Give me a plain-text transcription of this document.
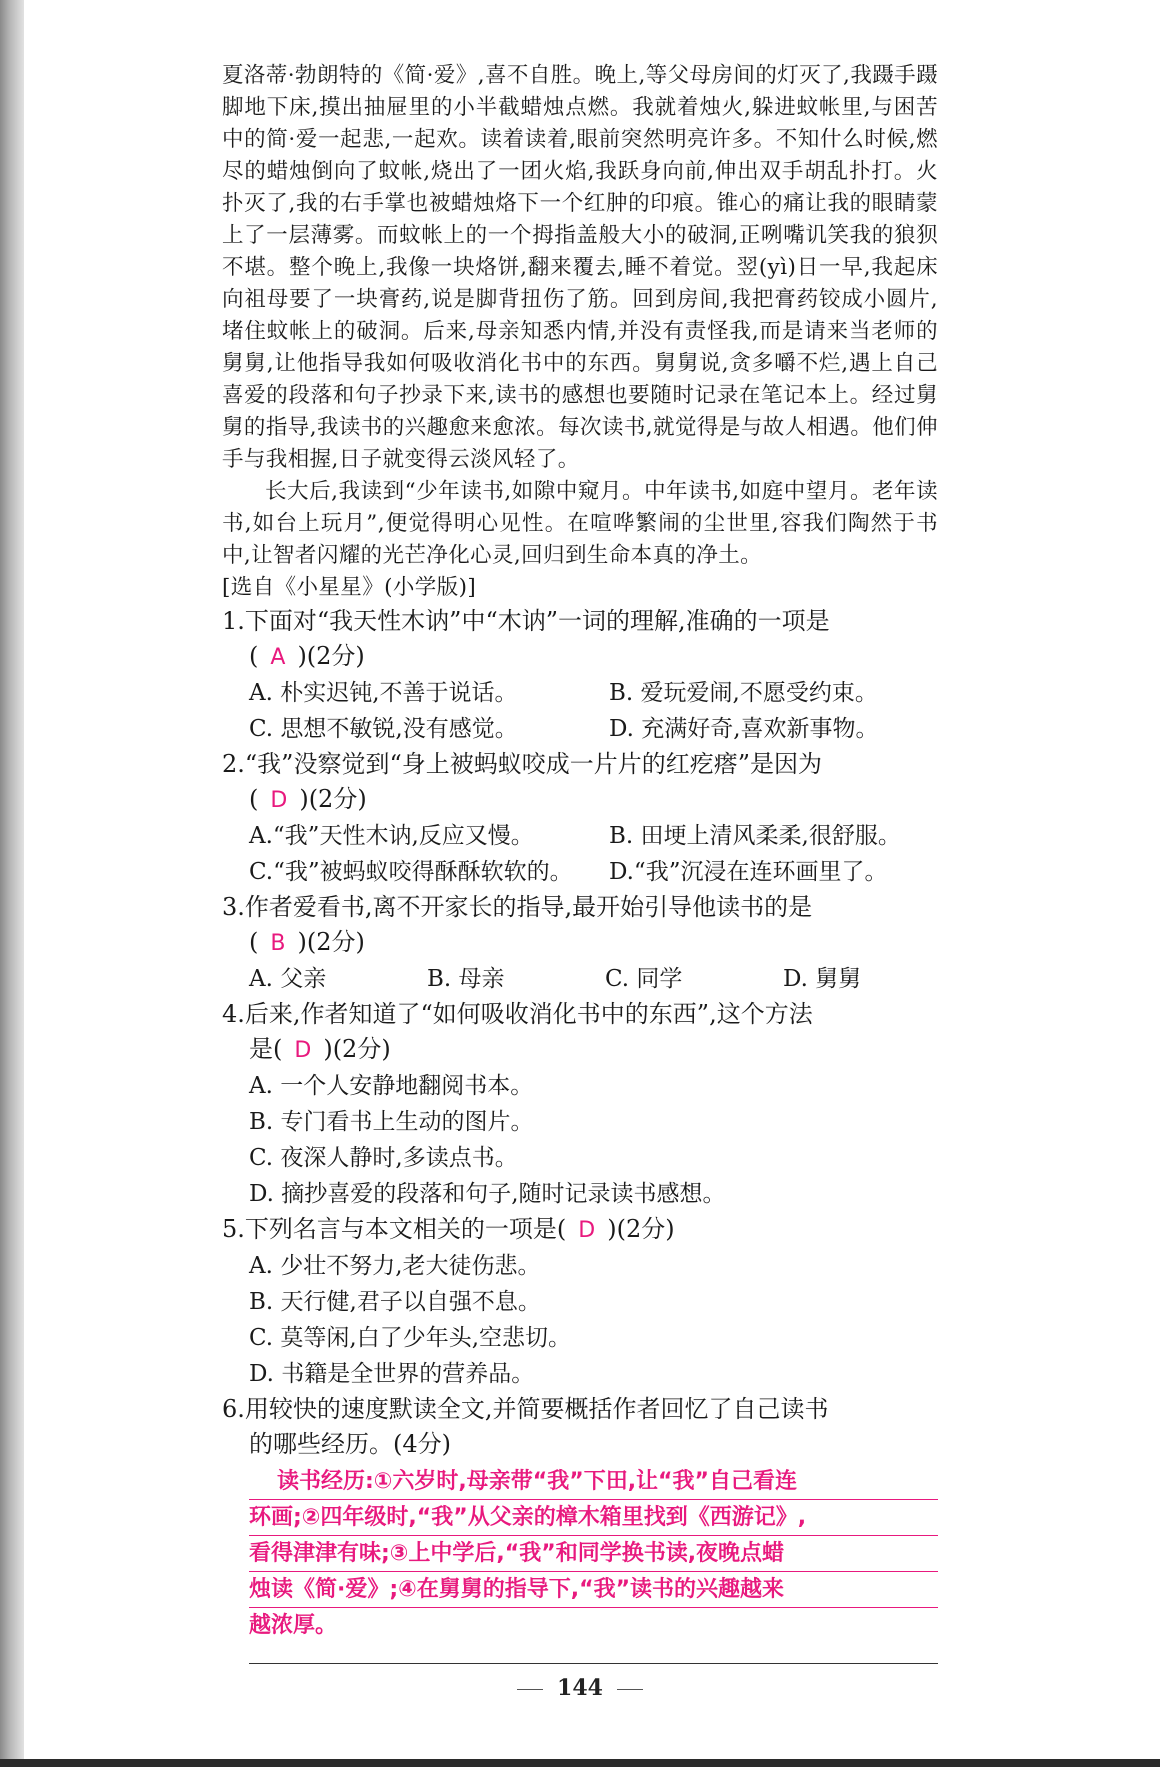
夏洛蒂·勃朗特的《简·爱》,喜不自胜。晚上,等父母房间的灯灭了,我蹑手蹑脚地下床,摸出抽屉里的小半截蜡烛点燃。我就着烛火,躲进蚊帐里,与困苦中的简·爱一起悲,一起欢。读着读着,眼前突然明亮许多。不知什么时候,燃尽的蜡烛倒向了蚊帐,烧出了一团火焰,我跃身向前,伸出双手胡乱扑打。火扑灭了,我的右手掌也被蜡烛烙下一个红肿的印痕。锥心的痛让我的眼睛蒙上了一层薄雾。而蚊帐上的一个拇指盖般大小的破洞,正咧嘴讥笑我的狼狈不堪。整个晚上,我像一块烙饼,翻来覆去,睡不着觉。翌(yì)日一早,我起床向祖母要了一块膏药,说是脚背扭伤了筋。回到房间,我把膏药铰成小圆片,堵住蚊帐上的破洞。后来,母亲知悉内情,并没有责怪我,而是请来当老师的舅舅,让他指导我如何吸收消化书中的东西。舅舅说,贪多嚼不烂,遇上自己喜爱的段落和句子抄录下来,读书的感想也要随时记录在笔记本上。经过舅舅的指导,我读书的兴趣愈来愈浓。每次读书,就觉得是与故人相遇。他们伸手与我相握,日子就变得云淡风轻了。

长大后,我读到“少年读书,如隙中窥月。中年读书,如庭中望月。老年读书,如台上玩月”,便觉得明心见性。在喧哗繁闹的尘世里,容我们陶然于书中,让智者闪耀的光芒净化心灵,回归到生命本真的净土。

[选自《小星星》(小学版)]

1.下面对“我天性木讷”中“木讷”一词的理解,准确的一项是
( A )(2分)
A. 朴实迟钝,不善于说话。	B. 爱玩爱闹,不愿受约束。
C. 思想不敏锐,没有感觉。	D. 充满好奇,喜欢新事物。
2.“我”没察觉到“身上被蚂蚁咬成一片片的红疙瘩”是因为
( D )(2分)
A.“我”天性木讷,反应又慢。	B. 田埂上清风柔柔,很舒服。
C.“我”被蚂蚁咬得酥酥软软的。	D.“我”沉浸在连环画里了。
3.作者爱看书,离不开家长的指导,最开始引导他读书的是
( B )(2分)
A. 父亲	B. 母亲	C. 同学	D. 舅舅
4.后来,作者知道了“如何吸收消化书中的东西”,这个方法
是( D )(2分)
A. 一个人安静地翻阅书本。
B. 专门看书上生动的图片。
C. 夜深人静时,多读点书。
D. 摘抄喜爱的段落和句子,随时记录读书感想。
5.下列名言与本文相关的一项是( D )(2分)
A. 少壮不努力,老大徒伤悲。
B. 天行健,君子以自强不息。
C. 莫等闲,白了少年头,空悲切。
D. 书籍是全世界的营养品。
6.用较快的速度默读全文,并简要概括作者回忆了自己读书
的哪些经历。(4分)
读书经历:①六岁时,母亲带“我”下田,让“我”自己看连
环画;②四年级时,“我”从父亲的樟木箱里找到《西游记》,
看得津津有味;③上中学后,“我”和同学换书读,夜晚点蜡
烛读《简·爱》;④在舅舅的指导下,“我”读书的兴趣越来
越浓厚。
144
